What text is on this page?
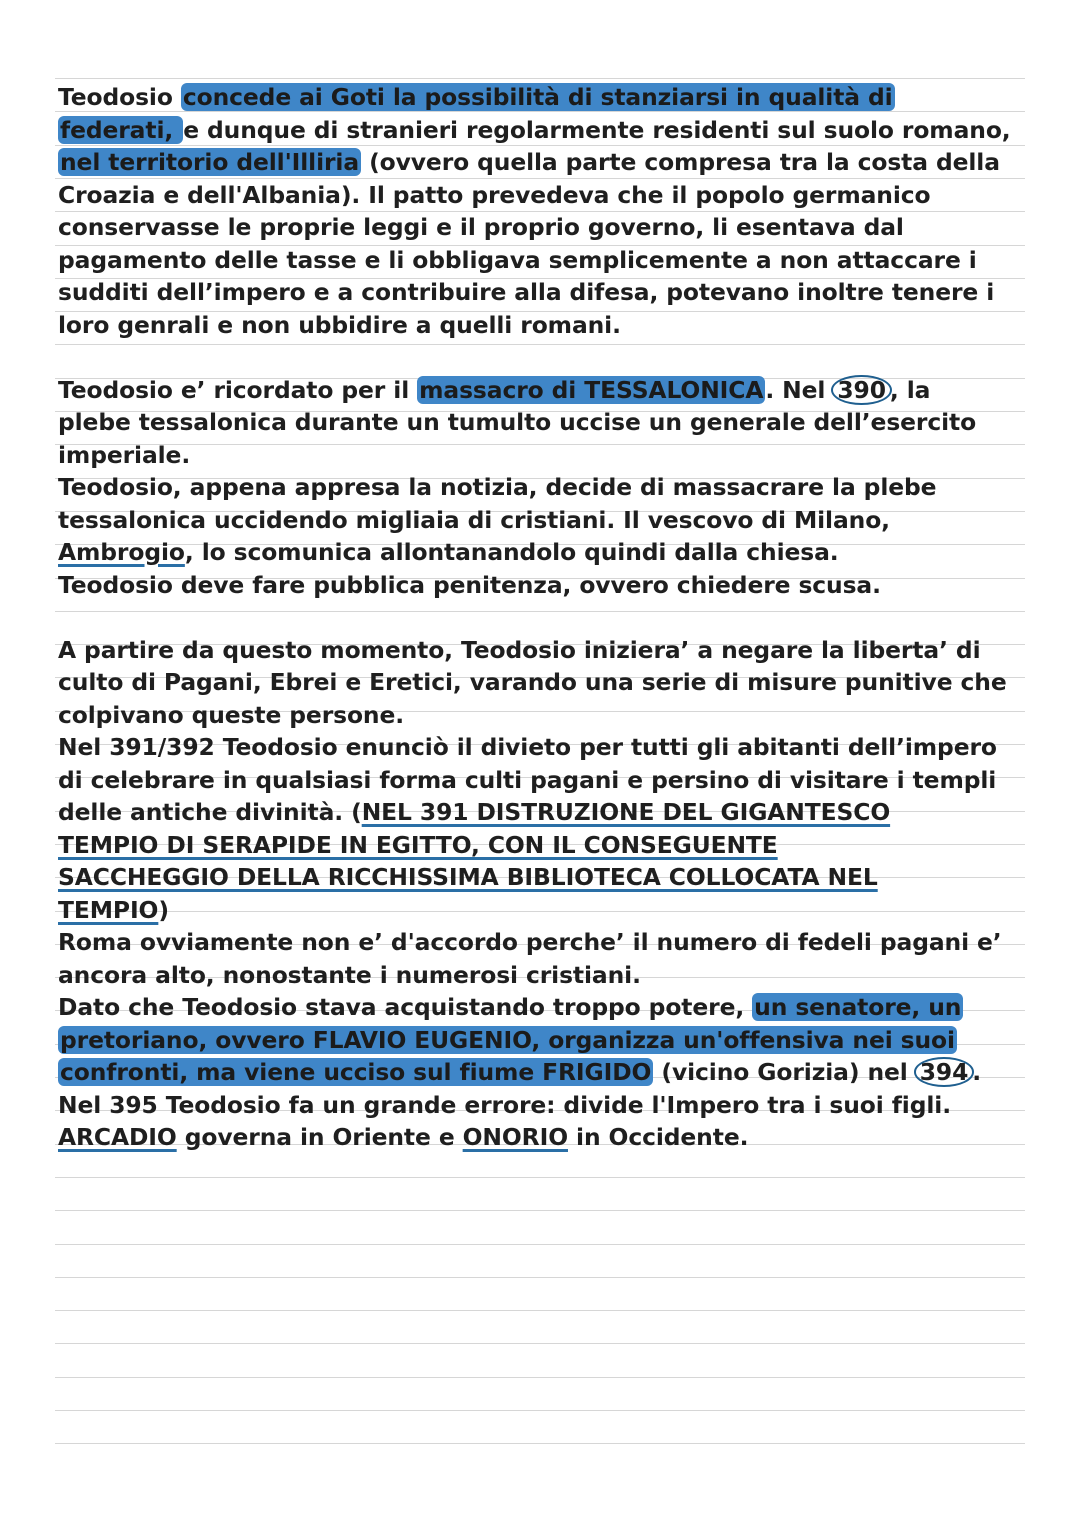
Teodosio concede ai Goti la possibilità di stanziarsi in qualità di

federati, e dunque di stranieri regolarmente residenti sul suolo romano,

nel territorio dell'Illiria (ovvero quella parte compresa tra la costa della

Croazia e dell'Albania). Il patto prevedeva che il popolo germanico

conservasse le proprie leggi e il proprio governo, li esentava dal

pagamento delle tasse e li obbligava semplicemente a non attaccare i

sudditi dell’impero e a contribuire alla difesa, potevano inoltre tenere i

loro genrali e non ubbidire a quelli romani.

Teodosio e’ ricordato per il massacro di TESSALONICA. Nel 390 , la

plebe tessalonica durante un tumulto uccise un generale dell’esercito

imperiale.

Teodosio, appena appresa la notizia, decide di massacrare la plebe

tessalonica uccidendo migliaia di cristiani. Il vescovo di Milano,

Ambrogio, lo scomunica allontanandolo quindi dalla chiesa.

Teodosio deve fare pubblica penitenza, ovvero chiedere scusa.

A partire da questo momento, Teodosio iniziera’ a negare la liberta’ di

culto di Pagani, Ebrei e Eretici, varando una serie di misure punitive che

colpivano queste persone.

Nel 391/392 Teodosio enunciò il divieto per tutti gli abitanti dell’impero

di celebrare in qualsiasi forma culti pagani e persino di visitare i templi

delle antiche divinità. (NEL 391 DISTRUZIONE DEL GIGANTESCO

TEMPIO DI SERAPIDE IN EGITTO, CON IL CONSEGUENTE

SACCHEGGIO DELLA RICCHISSIMA BIBLIOTECA COLLOCATA NEL

TEMPIO)

Roma ovviamente non e’ d'accordo perche’ il numero di fedeli pagani e’

ancora alto, nonostante i numerosi cristiani.

Dato che Teodosio stava acquistando troppo potere, un senatore, un

pretoriano, ovvero FLAVIO EUGENIO, organizza un'offensiva nei suoi

confronti, ma viene ucciso sul fiume FRIGIDO (vicino Gorizia) nel 394 .

Nel 395 Teodosio fa un grande errore: divide l'Impero tra i suoi figli.

ARCADIO governa in Oriente e ONORIO in Occidente.
